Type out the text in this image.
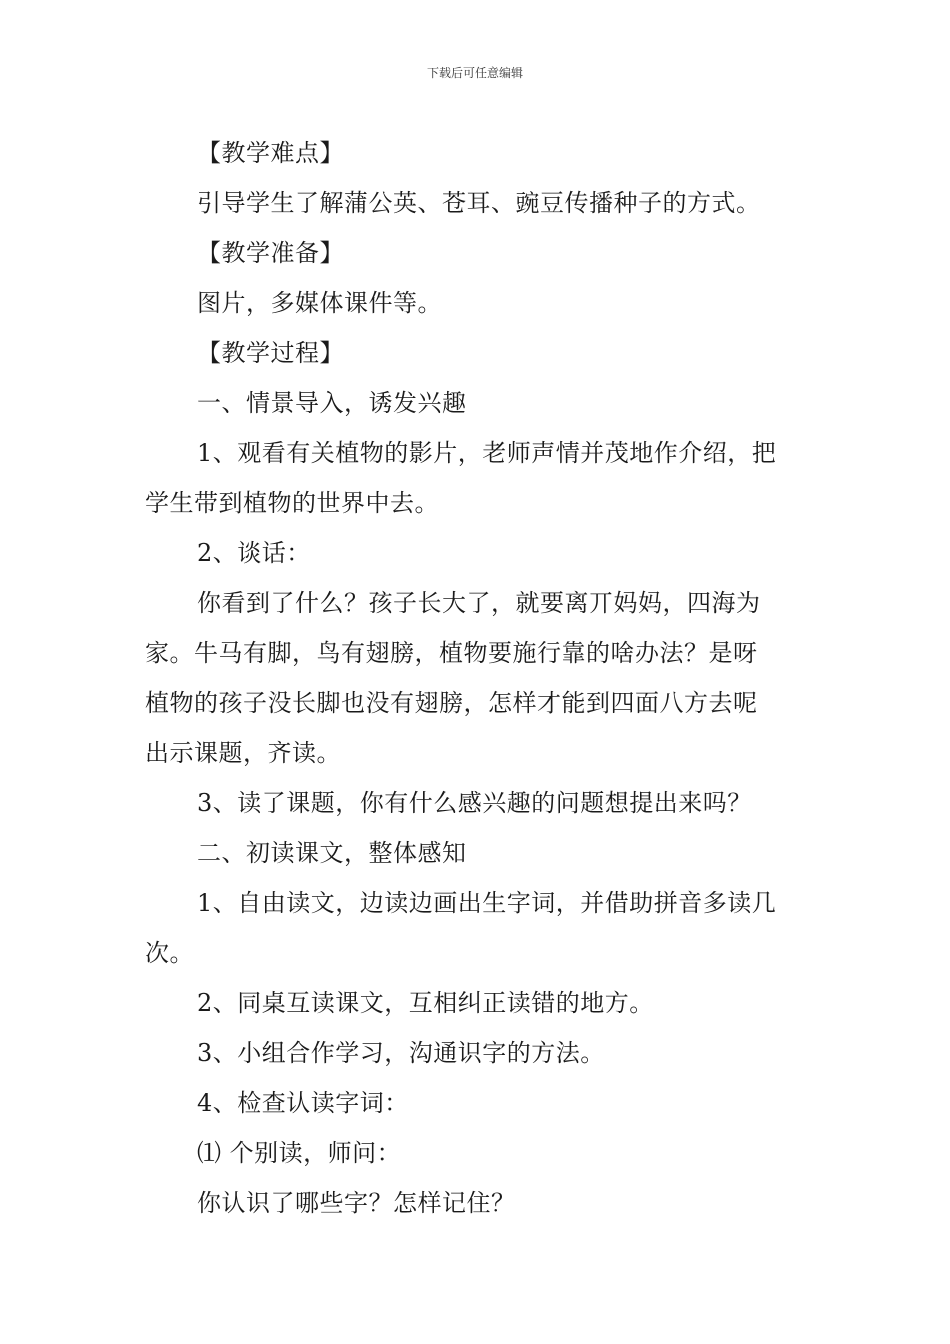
下载后可任意编辑

【教学难点】

引导学生了解蒲公英、苍耳、豌豆传播种子的方式。

【教学准备】

图片，多媒体课件等。

【教学过程】

一、情景导入，诱发兴趣

1、观看有关植物的影片，老师声情并茂地作介绍，把

学生带到植物的世界中去。

2、谈话：

你看到了什么？孩子长大了，就要离丌妈妈，四海为

家。牛马有脚，鸟有翅膀，植物要施行靠的啥办法？是呀

植物的孩子没长脚也没有翅膀，怎样才能到四面八方去呢

出示课题，齐读。

3、读了课题，你有什么感兴趣的问题想提出来吗？

二、初读课文，整体感知

1、自由读文，边读边画出生字词，并借助拼音多读几

次。

2、同桌互读课文，互相纠正读错的地方。

3、小组合作学习，沟通识字的方法。

4、检查认读字词：

⑴ 个别读，师问：

你认识了哪些字？怎样记住？
